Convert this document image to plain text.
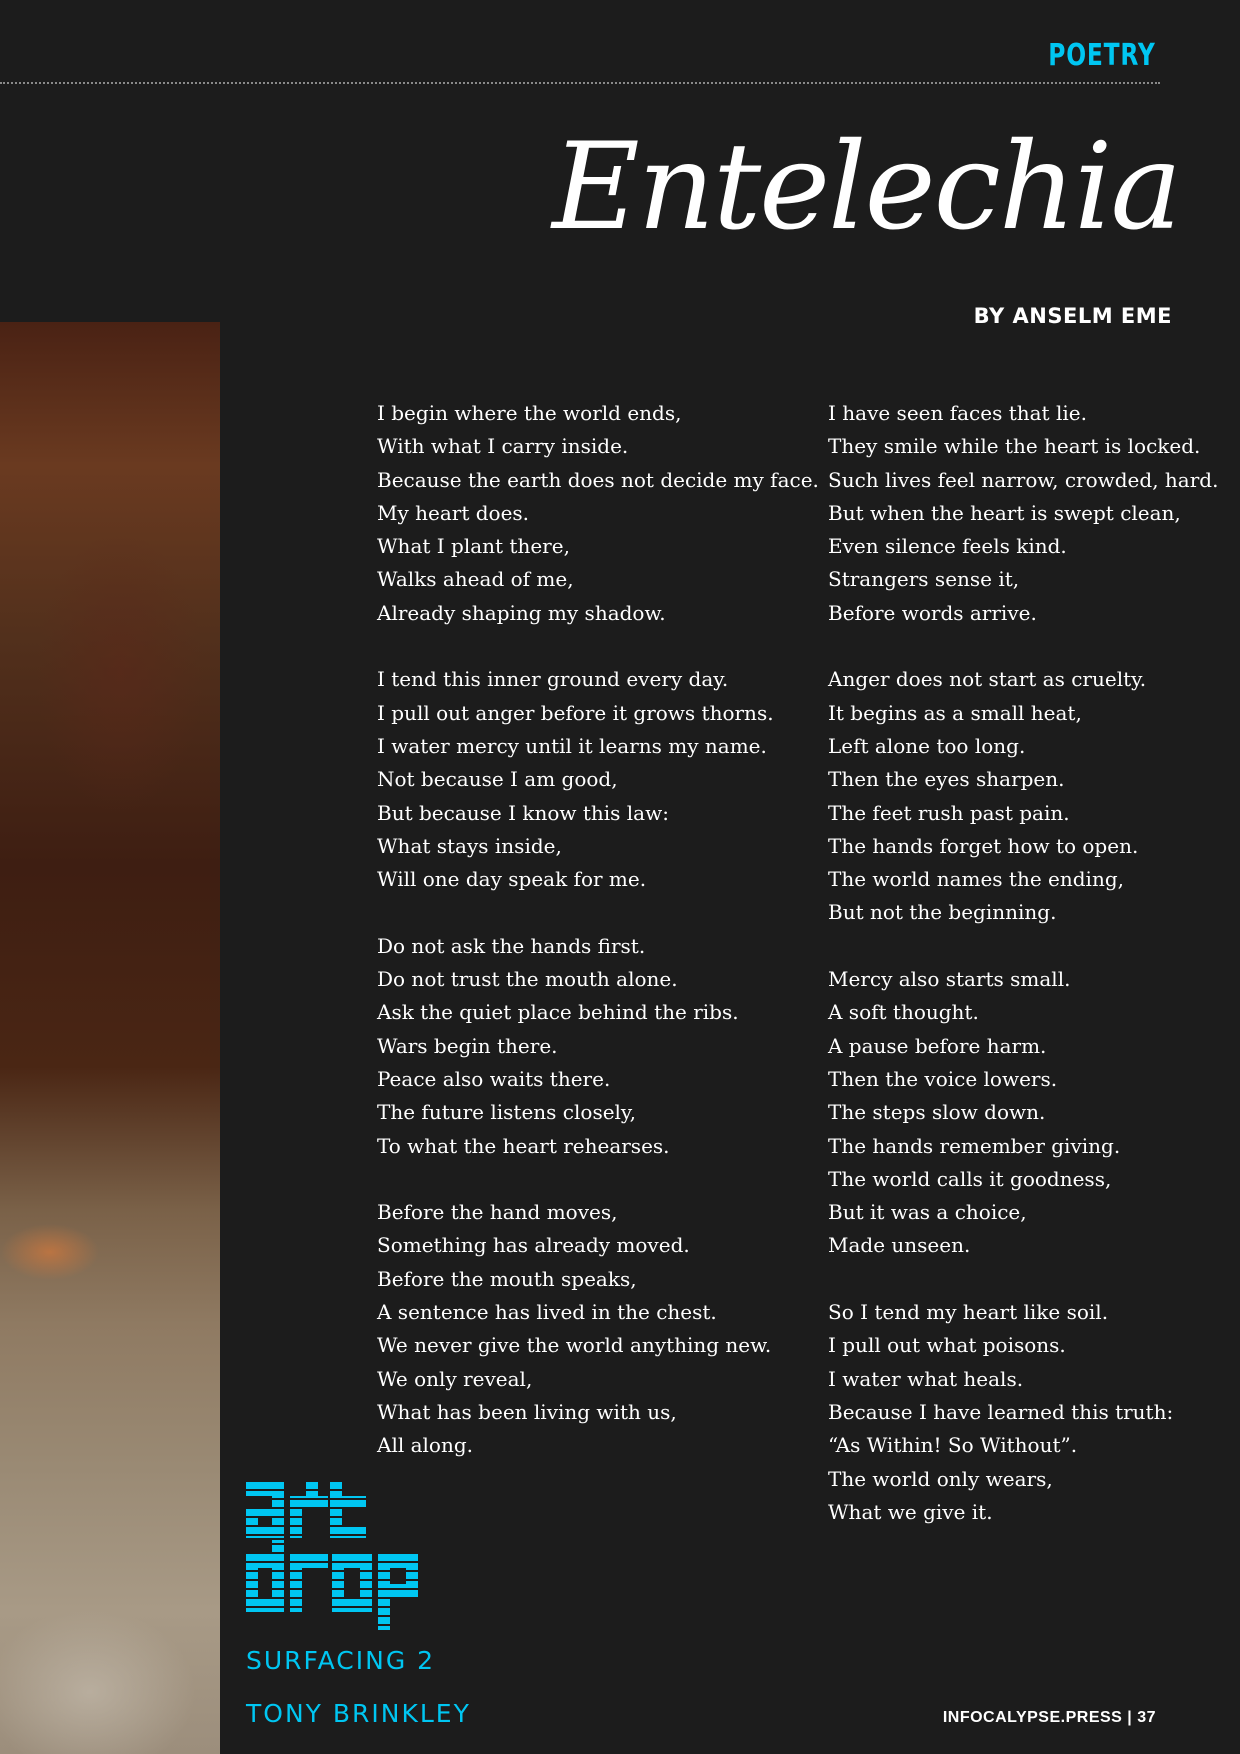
POETRY
Entelechia
BY ANSELM EME
I begin where the world ends,
With what I carry inside.
Because the earth does not decide my face.
My heart does.
What I plant there,
Walks ahead of me,
Already shaping my shadow.
I tend this inner ground every day.
I pull out anger before it grows thorns.
I water mercy until it learns my name.
Not because I am good,
But because I know this law:
What stays inside,
Will one day speak for me.
Do not ask the hands first.
Do not trust the mouth alone.
Ask the quiet place behind the ribs.
Wars begin there.
Peace also waits there.
The future listens closely,
To what the heart rehearses.
Before the hand moves,
Something has already moved.
Before the mouth speaks,
A sentence has lived in the chest.
We never give the world anything new.
We only reveal,
What has been living with us,
All along.
I have seen faces that lie.
They smile while the heart is locked.
Such lives feel narrow, crowded, hard.
But when the heart is swept clean,
Even silence feels kind.
Strangers sense it,
Before words arrive.
Anger does not start as cruelty.
It begins as a small heat,
Left alone too long.
Then the eyes sharpen.
The feet rush past pain.
The hands forget how to open.
The world names the ending,
But not the beginning.
Mercy also starts small.
A soft thought.
A pause before harm.
Then the voice lowers.
The steps slow down.
The hands remember giving.
The world calls it goodness,
But it was a choice,
Made unseen.
So I tend my heart like soil.
I pull out what poisons.
I water what heals.
Because I have learned this truth:
“As Within! So Without”.
The world only wears,
What we give it.
SURFACING 2
TONY BRINKLEY	INFOCALYPSE.PRESS | 37
